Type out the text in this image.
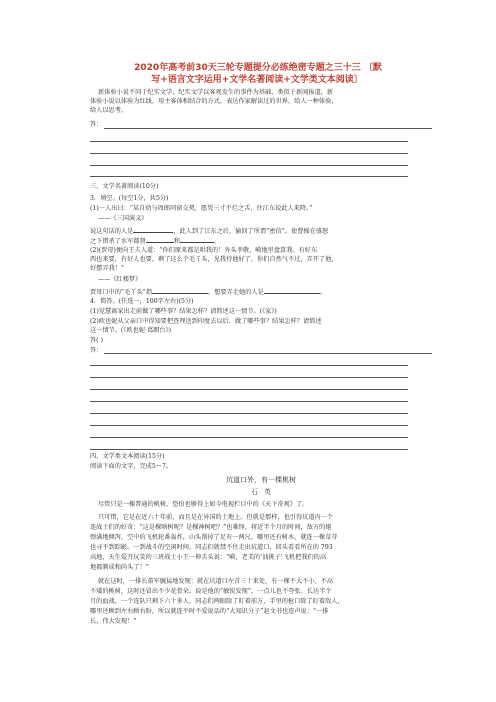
2020年高考前30天三轮专题提分必练绝密专题之三十三 〔默
写+语言文字运用+文学名著阅读+文学类文本阅读〕
新体验小说不同于纪实文学，纪实文学以客观发生的事件为基础，类似于新闻报道，新
体验小说以体验为红线，用主客体相结合的方式，表达作家解读过的世界，给人一种体验，
给人以思考。
答：
三、文学名著阅读(10分)
3．填空。(每空1分，共5分)
(1)一人出曰：“某自幼与周郎同窗交契，愿凭三寸不烂之舌，往江东说此人来降。”
——《三国演义》
说这句话的人是	，此人到了江东之后，偷回了所谓“密信”，使曹操在盛怒
之下错杀了水军都督	和	。
(2)(贾母)便向王夫人道：“你们原来都是哄我的！外头孝敬，嗬地里盘算我。有好东
西也来要，有好人也要，剩了这么个毛丫头，见我待他好了，你们自然气不过，弄开了他，
好摆弄我！”
——《红楼梦》
贾母口中的“毛丫头”指	，想要弄走她的人是	。
4．简答。(任选一，100字左右)(5分)
(1)觉慧离家出走前做了哪些事？结果怎样？请简述这一情节。(《家》)
(2)欧也妮从父亲口中得知要把查理送到印度去以后，做了哪些事？结果怎样？请简述
这一情节。(《欧也妮·葛朗台》)
答( )
答：
四、文学类文本阅读(15分)
阅读下面的文字，完成5～7。
坑道口外，有一棵桃树
石　英
尽管只是一棵普通的桃树，恐怕也够得上如今电视栏目中的《天下奇观》了。
只可惜，它是在近六十年前，而且是在异国的土地上。但就是那样，也引得坑道内一个
连战士们的好奇：“这是棵啥树呢？是棵神树吧？”也难怪，将近半个月的时间，敌方的炮
弹满地倾泻，空中的飞机轮番轰炸，山头削掉了足有一两尺，哪里还有树木，就连一棵草芽
也寻不到踪影。一到战斗的空闲时间，同志们就禁不住走出坑道口，回头看看所在的 793
高地，天生爱开玩笑的三班战士小王一伸舌头说：“嗬，老美的‘油挑子’飞机把我们的高
地都剃成和尚头了！”
就在这时，一排长董军毓猛地发现：就在坑道口左首三十来处，有一棵不大不小、不高
不矮的桃树，这时还冒出不少花骨朵。说是他的“敏锐发现”，一点儿也不夸张。长达半个
月的血战，一个连队只剩下六十多人，同志们两眼除了盯着前方，手里的枪口除了盯着敌人，
哪里还顾到左右顾右盼，所以就连平时不爱说话的“大知识分子”赵文书也连声说：“一排
长，伟大发现！”
